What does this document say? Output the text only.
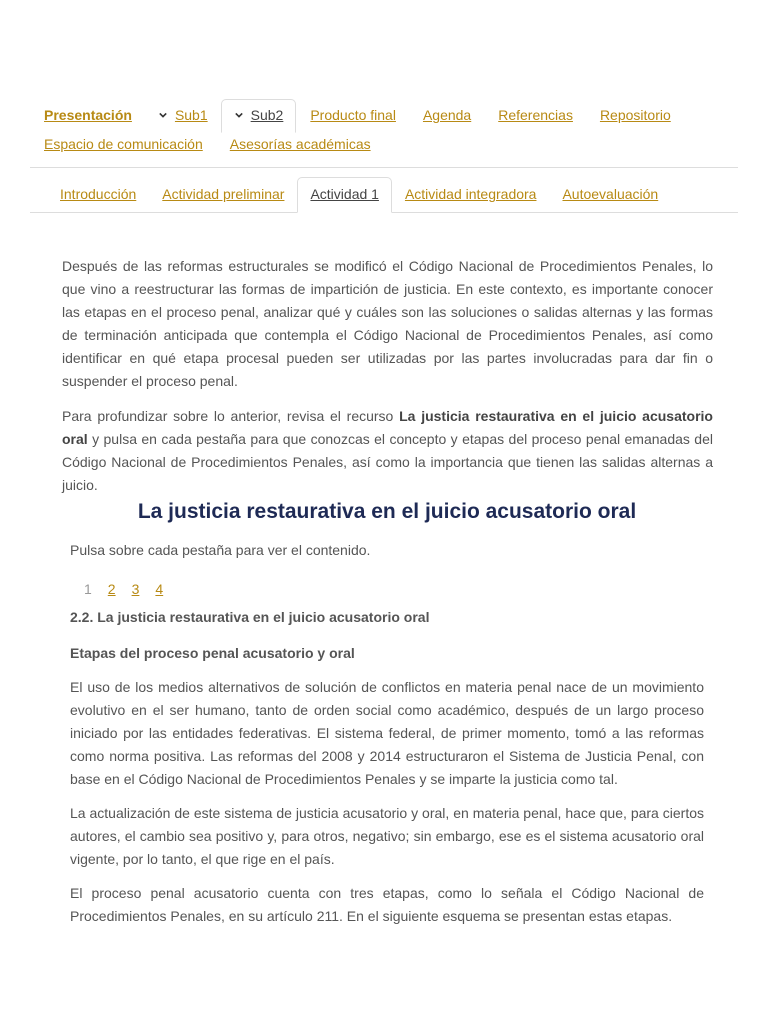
Presentación	Sub1	Sub2	Producto final	Agenda	Referencias	Repositorio
Espacio de comunicación	Asesorías académicas
Introducción	Actividad preliminar	Actividad 1	Actividad integradora	Autoevaluación

Después de las reformas estructurales se modificó el Código Nacional de Procedimientos Penales, lo que vino a reestructurar las formas de impartición de justicia. En este contexto, es importante conocer las etapas en el proceso penal, analizar qué y cuáles son las soluciones o salidas alternas y las formas de terminación anticipada que contempla el Código Nacional de Procedimientos Penales, así como identificar en qué etapa procesal pueden ser utilizadas por las partes involucradas para dar fin o suspender el proceso penal.

Para profundizar sobre lo anterior, revisa el recurso La justicia restaurativa en el juicio acusatorio oral y pulsa en cada pestaña para que conozcas el concepto y etapas del proceso penal emanadas del Código Nacional de Procedimientos Penales, así como la importancia que tienen las salidas alternas a juicio.

La justicia restaurativa en el juicio acusatorio oral

Pulsa sobre cada pestaña para ver el contenido.

1 2 3 4
2.2. La justicia restaurativa en el juicio acusatorio oral
Etapas del proceso penal acusatorio y oral

El uso de los medios alternativos de solución de conflictos en materia penal nace de un movimiento evolutivo en el ser humano, tanto de orden social como académico, después de un largo proceso iniciado por las entidades federativas. El sistema federal, de primer momento, tomó a las reformas como norma positiva. Las reformas del 2008 y 2014 estructuraron el Sistema de Justicia Penal, con base en el Código Nacional de Procedimientos Penales y se imparte la justicia como tal.

La actualización de este sistema de justicia acusatorio y oral, en materia penal, hace que, para ciertos autores, el cambio sea positivo y, para otros, negativo; sin embargo, ese es el sistema acusatorio oral vigente, por lo tanto, el que rige en el país.

El proceso penal acusatorio cuenta con tres etapas, como lo señala el Código Nacional de Procedimientos Penales, en su artículo 211. En el siguiente esquema se presentan estas etapas.
